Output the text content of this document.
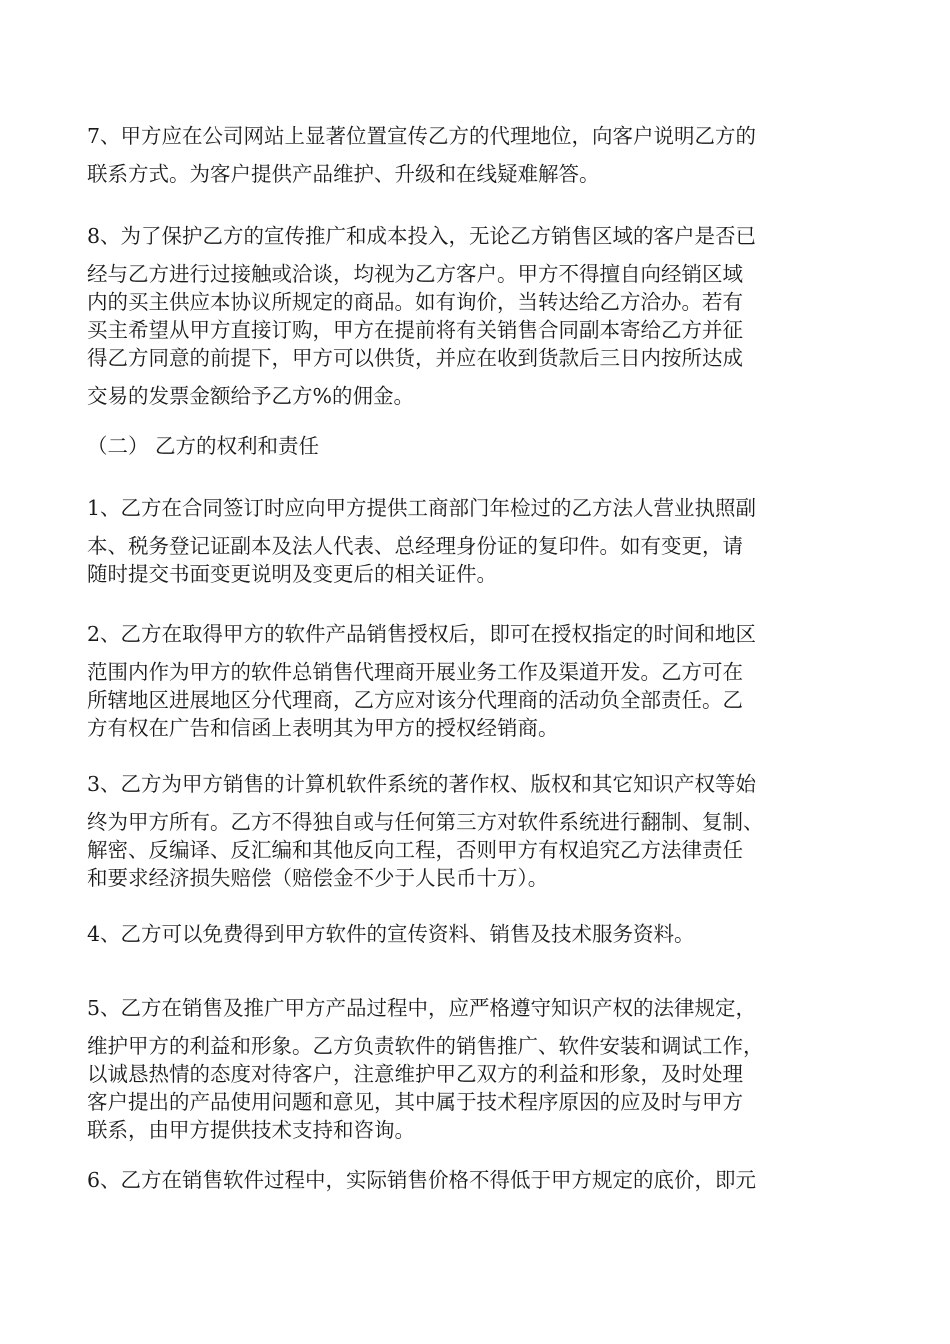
7、甲方应在公司网站上显著位置宣传乙方的代理地位，向客户说明乙方的
联系方式。为客户提供产品维护、升级和在线疑难解答。
8、为了保护乙方的宣传推广和成本投入，无论乙方销售区域的客户是否已
经与乙方进行过接触或洽谈，均视为乙方客户。甲方不得擅自向经销区域
内的买主供应本协议所规定的商品。如有询价，当转达给乙方洽办。若有
买主希望从甲方直接订购，甲方在提前将有关销售合同副本寄给乙方并征
得乙方同意的前提下，甲方可以供货，并应在收到货款后三日内按所达成
交易的发票金额给予乙方%的佣金。
（二） 乙方的权利和责任
1、乙方在合同签订时应向甲方提供工商部门年检过的乙方法人营业执照副
本、税务登记证副本及法人代表、总经理身份证的复印件。如有变更，请
随时提交书面变更说明及变更后的相关证件。
2、乙方在取得甲方的软件产品销售授权后，即可在授权指定的时间和地区
范围内作为甲方的软件总销售代理商开展业务工作及渠道开发。乙方可在
所辖地区进展地区分代理商，乙方应对该分代理商的活动负全部责任。乙
方有权在广告和信函上表明其为甲方的授权经销商。
3、乙方为甲方销售的计算机软件系统的著作权、版权和其它知识产权等始
终为甲方所有。乙方不得独自或与任何第三方对软件系统进行翻制、复制、
解密、反编译、反汇编和其他反向工程，否则甲方有权追究乙方法律责任
和要求经济损失赔偿（赔偿金不少于人民币十万）。
4、乙方可以免费得到甲方软件的宣传资料、销售及技术服务资料。
5、乙方在销售及推广甲方产品过程中，应严格遵守知识产权的法律规定，
维护甲方的利益和形象。乙方负责软件的销售推广、软件安装和调试工作，
以诚恳热情的态度对待客户，注意维护甲乙双方的利益和形象，及时处理
客户提出的产品使用问题和意见，其中属于技术程序原因的应及时与甲方
联系，由甲方提供技术支持和咨询。
6、乙方在销售软件过程中，实际销售价格不得低于甲方规定的底价，即元
